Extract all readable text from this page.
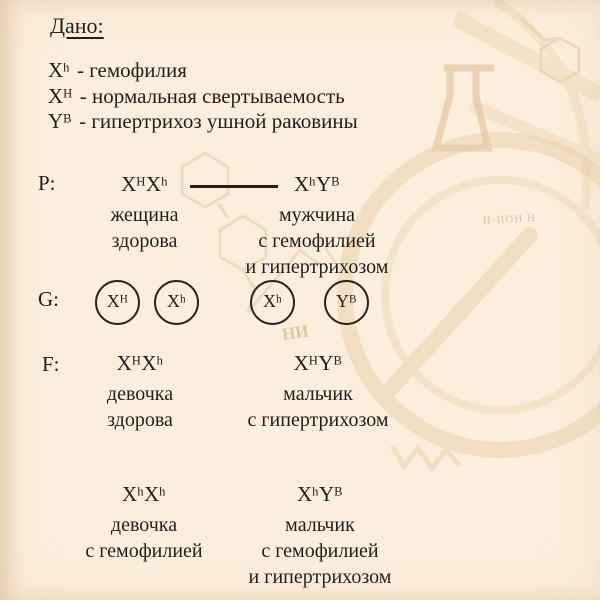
Н-ИОН Н
НИ
Дано:
$X^h$ - гемофилия
$X^H$ - нормальная свертываемость
$Y^B$ - гипертрихоз ушной раковины
P:	$X^HX^h$
жещина
здорова
$X^hY^B$
мужчина
с гемофилией
и гипертрихозом
G:	$X^H$ $X^h$	$X^h$	$Y^B$
F:	$X^HX^h$
девочка
здорова
$X^HY^B$
мальчик
с гипертрихозом
$X^hX^h$
девочка
с гемофилией
$X^hY^B$
мальчик
с гемофилией
и гипертрихозом
